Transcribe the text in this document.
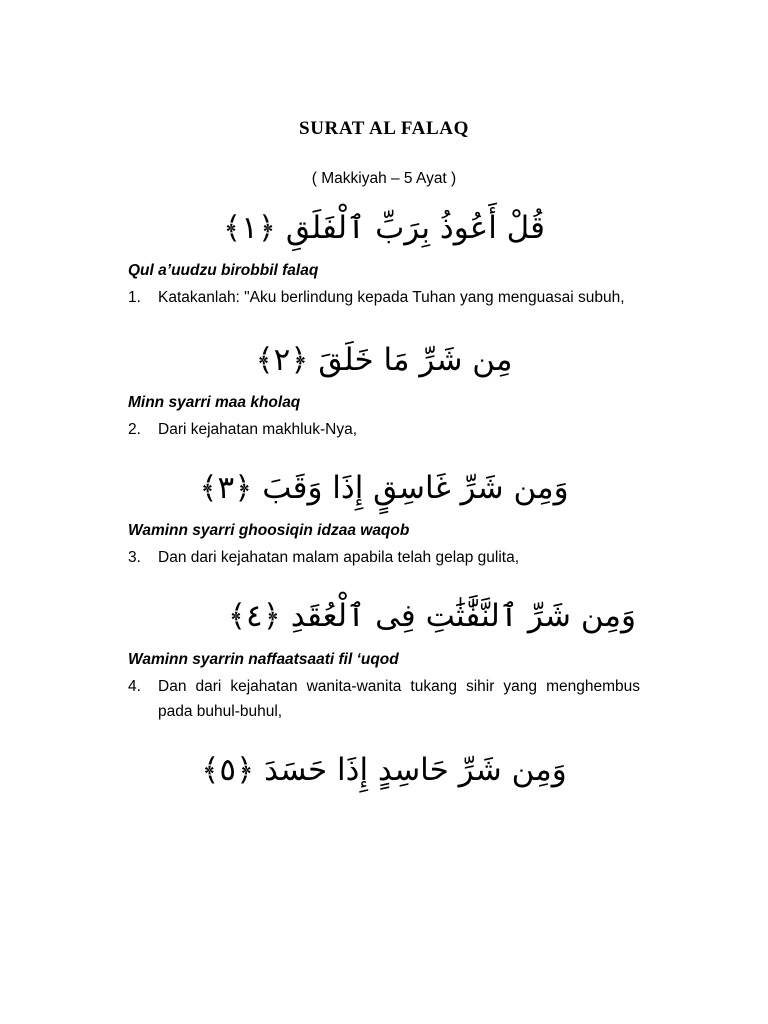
SURAT AL FALAQ
( Makkiyah – 5 Ayat )
قُلْ أَعُوذُ بِرَبِّ ٱلْفَلَقِ ﴿١﴾
Qul a’uudzu birobbil falaq
1.	Katakanlah: "Aku berlindung kepada Tuhan yang menguasai subuh,
مِن شَرِّ مَا خَلَقَ ﴿٢﴾
Minn syarri maa kholaq
2.	Dari kejahatan makhluk-Nya,
وَمِن شَرِّ غَاسِقٍ إِذَا وَقَبَ ﴿٣﴾
Waminn syarri ghoosiqin idzaa waqob
3.	Dan dari kejahatan malam apabila telah gelap gulita,
وَمِن شَرِّ ٱلنَّفَّٰثَٰتِ فِى ٱلْعُقَدِ ﴿٤﴾
Waminn syarrin naffaatsaati fil ‘uqod
4.	Dan dari kejahatan wanita-wanita tukang sihir yang menghembus pada buhul-buhul,
وَمِن شَرِّ حَاسِدٍ إِذَا حَسَدَ ﴿٥﴾
